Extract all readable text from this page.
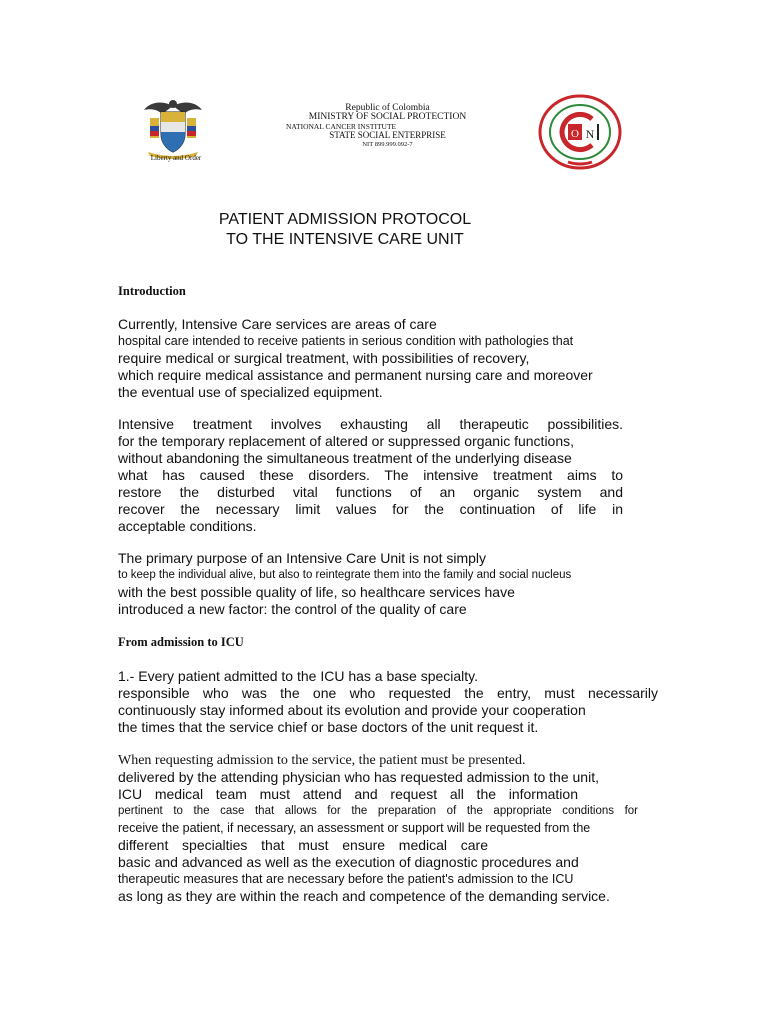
Liberty and Order
Republic of Colombia
MINISTRY OF SOCIAL PROTECTION
NATIONAL CANCER INSTITUTE
STATE SOCIAL ENTERPRISE
NIT 899.999.092-7
O N
PATIENT ADMISSION PROTOCOL
TO THE INTENSIVE CARE UNIT
Introduction
Currently, Intensive Care services are areas of care
hospital care intended to receive patients in serious condition with pathologies that
require medical or surgical treatment, with possibilities of recovery,
which require medical assistance and permanent nursing care and moreover
the eventual use of specialized equipment.
Intensive treatment involves exhausting all therapeutic possibilities.
for the temporary replacement of altered or suppressed organic functions,
without abandoning the simultaneous treatment of the underlying disease
what has caused these disorders. The intensive treatment aims to
restore the disturbed vital functions of an organic system and
recover the necessary limit values for the continuation of life in
acceptable conditions.
The primary purpose of an Intensive Care Unit is not simply
to keep the individual alive, but also to reintegrate them into the family and social nucleus
with the best possible quality of life, so healthcare services have
introduced a new factor: the control of the quality of care
From admission to ICU
1.- Every patient admitted to the ICU has a base specialty.
responsible who was the one who requested the entry, must necessarily
continuously stay informed about its evolution and provide your cooperation
the times that the service chief or base doctors of the unit request it.
When requesting admission to the service, the patient must be presented.
delivered by the attending physician who has requested admission to the unit,
ICU medical team must attend and request all the information
pertinent to the case that allows for the preparation of the appropriate conditions for
receive the patient, if necessary, an assessment or support will be requested from the
different specialties that must ensure medical care
basic and advanced as well as the execution of diagnostic procedures and
therapeutic measures that are necessary before the patient's admission to the ICU
as long as they are within the reach and competence of the demanding service.
